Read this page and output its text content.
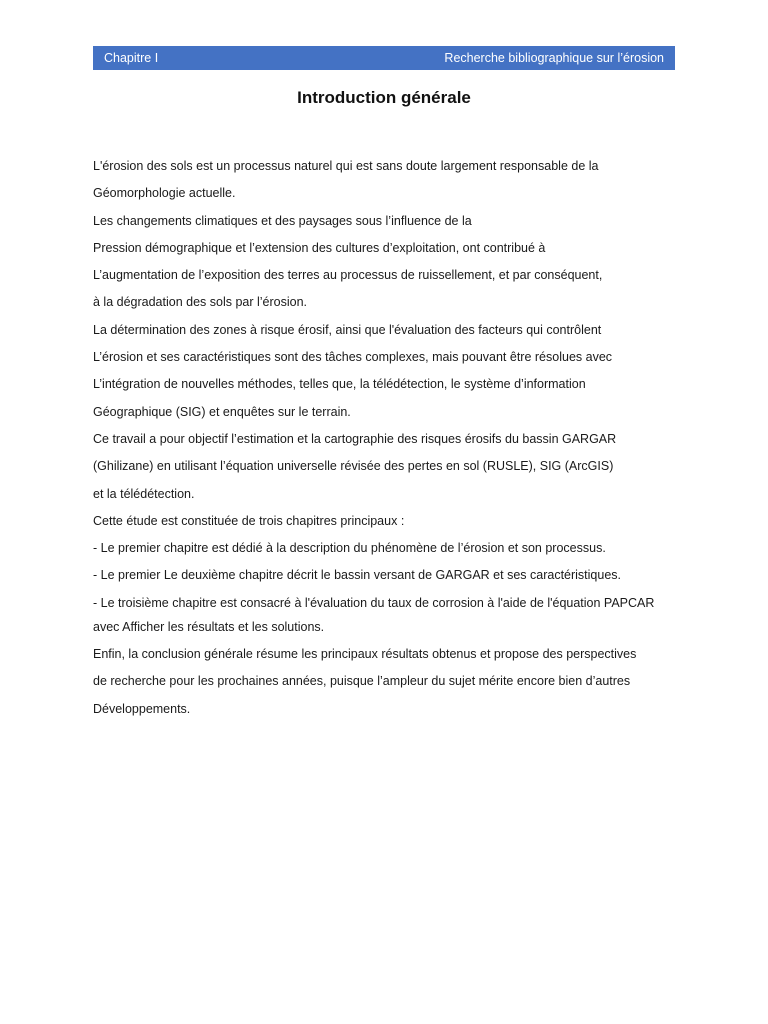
Chapitre I	Recherche bibliographique sur l’érosion
Introduction générale
L'érosion des sols est un processus naturel qui est sans doute largement responsable de la
Géomorphologie actuelle.
Les changements climatiques et des paysages sous l’influence de la
Pression démographique et l’extension des cultures d’exploitation, ont contribué à
L’augmentation de l’exposition des terres au processus de ruissellement, et par conséquent,
à la dégradation des sols par l’érosion.
La détermination des zones à risque érosif, ainsi que l'évaluation des facteurs qui contrôlent
L’érosion et ses caractéristiques sont des tâches complexes, mais pouvant être résolues avec
L’intégration de nouvelles méthodes, telles que, la télédétection, le système d’information
Géographique (SIG) et enquêtes sur le terrain.
Ce travail a pour objectif l’estimation et la cartographie des risques érosifs du bassin GARGAR
(Ghilizane) en utilisant l’équation universelle révisée des pertes en sol (RUSLE), SIG (ArcGIS)
et la télédétection.
Cette étude est constituée de trois chapitres principaux :
- Le premier chapitre est dédié à la description du phénomène de l’érosion et son processus.
- Le premier Le deuxième chapitre décrit le bassin versant de GARGAR et ses caractéristiques.
- Le troisième chapitre est consacré à l'évaluation du taux de corrosion à l'aide de l'équation PAPCAR
avec Afficher les résultats et les solutions.
Enfin, la conclusion générale résume les principaux résultats obtenus et propose des perspectives
de recherche pour les prochaines années, puisque l’ampleur du sujet mérite encore bien d’autres
Développements.
